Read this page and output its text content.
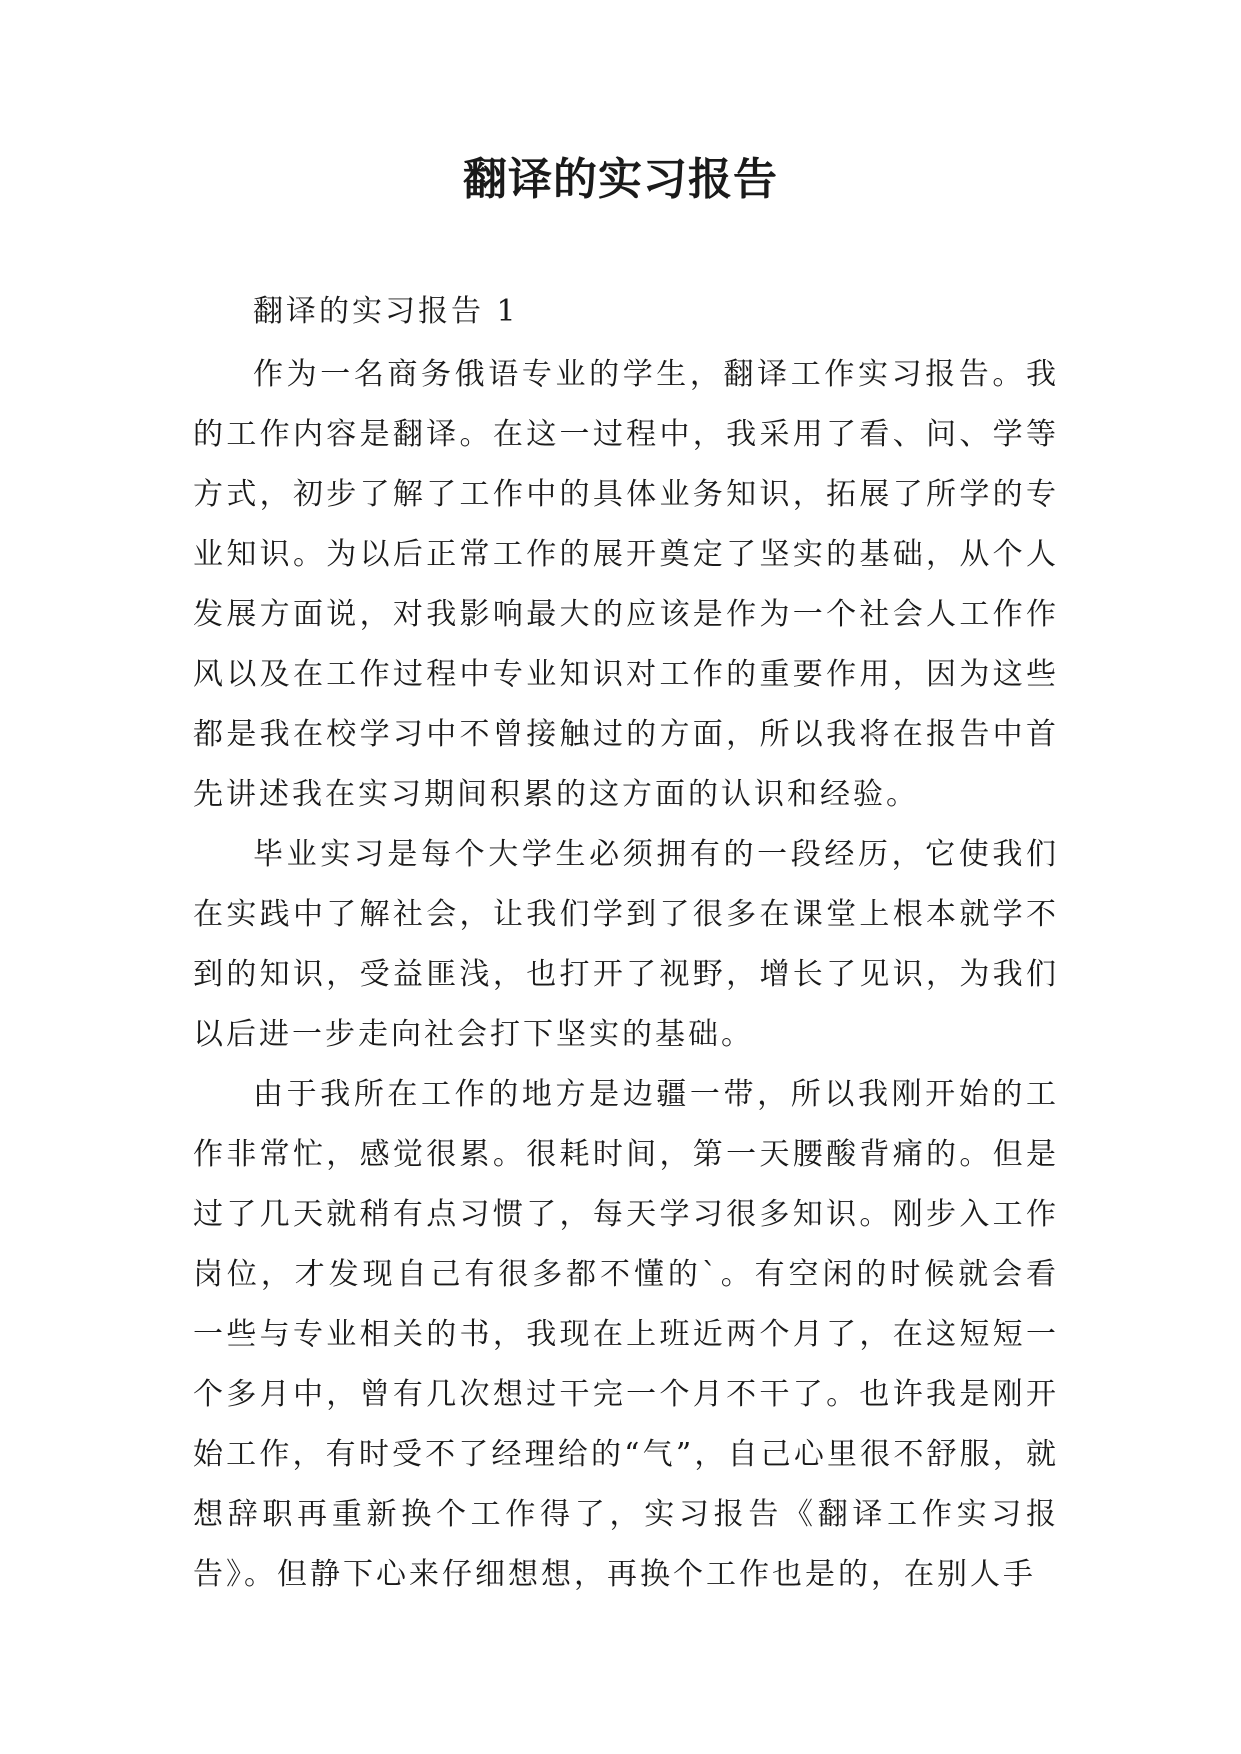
翻译的实习报告

翻译的实习报告 1

作为一名商务俄语专业的学生，翻译工作实习报告。我的工作内容是翻译。在这一过程中，我采用了看、问、学等方式，初步了解了工作中的具体业务知识，拓展了所学的专业知识。为以后正常工作的展开奠定了坚实的基础，从个人发展方面说，对我影响最大的应该是作为一个社会人工作作风以及在工作过程中专业知识对工作的重要作用，因为这些都是我在校学习中不曾接触过的方面，所以我将在报告中首先讲述我在实习期间积累的这方面的认识和经验。

毕业实习是每个大学生必须拥有的一段经历，它使我们在实践中了解社会，让我们学到了很多在课堂上根本就学不到的知识，受益匪浅，也打开了视野，增长了见识，为我们以后进一步走向社会打下坚实的基础。

由于我所在工作的地方是边疆一带，所以我刚开始的工作非常忙，感觉很累。很耗时间，第一天腰酸背痛的。但是过了几天就稍有点习惯了，每天学习很多知识。刚步入工作岗位，才发现自己有很多都不懂的`。有空闲的时候就会看一些与专业相关的书，我现在上班近两个月了，在这短短一个多月中，曾有几次想过干完一个月不干了。也许我是刚开始工作，有时受不了经理给的“气”，自己心里很不舒服，就想辞职再重新换个工作得了，实习报告《翻译工作实习报告》。但静下心来仔细想想，再换个工作也是的，在别人手
